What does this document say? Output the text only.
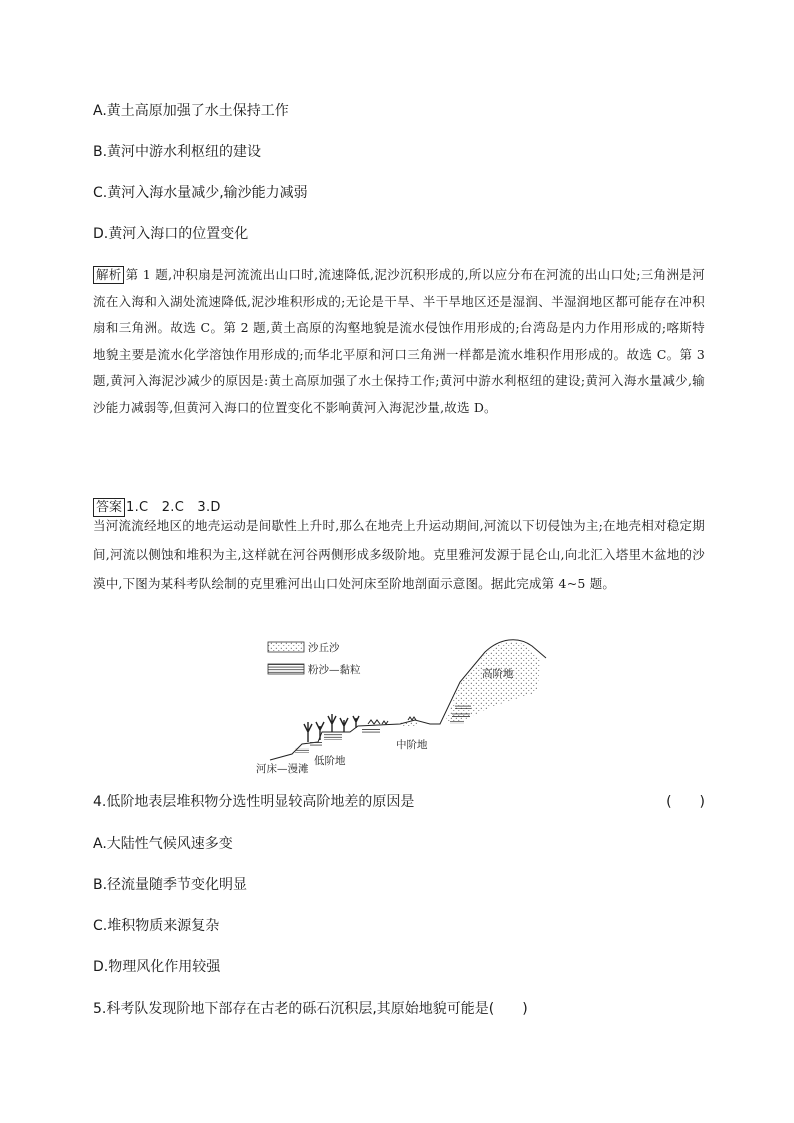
A.黄土高原加强了水土保持工作
B.黄河中游水利枢纽的建设
C.黄河入海水量减少,输沙能力减弱
D.黄河入海口的位置变化
解析 第 1 题,冲积扇是河流流出山口时,流速降低,泥沙沉积形成的,所以应分布在河流的出山口处;三角洲是河流在入海和入湖处流速降低,泥沙堆积形成的;无论是干旱、半干旱地区还是湿润、半湿润地区都可能存在冲积扇和三角洲。故选 C。第 2 题,黄土高原的沟壑地貌是流水侵蚀作用形成的;台湾岛是内力作用形成的;喀斯特地貌主要是流水化学溶蚀作用形成的;而华北平原和河口三角洲一样都是流水堆积作用形成的。故选 C。第 3 题,黄河入海泥沙减少的原因是:黄土高原加强了水土保持工作;黄河中游水利枢纽的建设;黄河入海水量减少,输沙能力减弱等,但黄河入海口的位置变化不影响黄河入海泥沙量,故选 D。
答案 1.C　2.C　3.D
当河流流经地区的地壳运动是间歇性上升时,那么在地壳上升运动期间,河流以下切侵蚀为主;在地壳相对稳定期间,河流以侧蚀和堆积为主,这样就在河谷两侧形成多级阶地。克里雅河发源于昆仑山,向北汇入塔里木盆地的沙漠中,下图为某科考队绘制的克里雅河出山口处河床至阶地剖面示意图。据此完成第 4~5 题。
沙丘沙
粉沙—黏粒	高阶地
中阶地
低阶地
河床—漫滩
4.低阶地表层堆积物分选性明显较高阶地差的原因是	(　　)
A.大陆性气候风速多变
B.径流量随季节变化明显
C.堆积物质来源复杂
D.物理风化作用较强
5.科考队发现阶地下部存在古老的砾石沉积层,其原始地貌可能是(　　)
